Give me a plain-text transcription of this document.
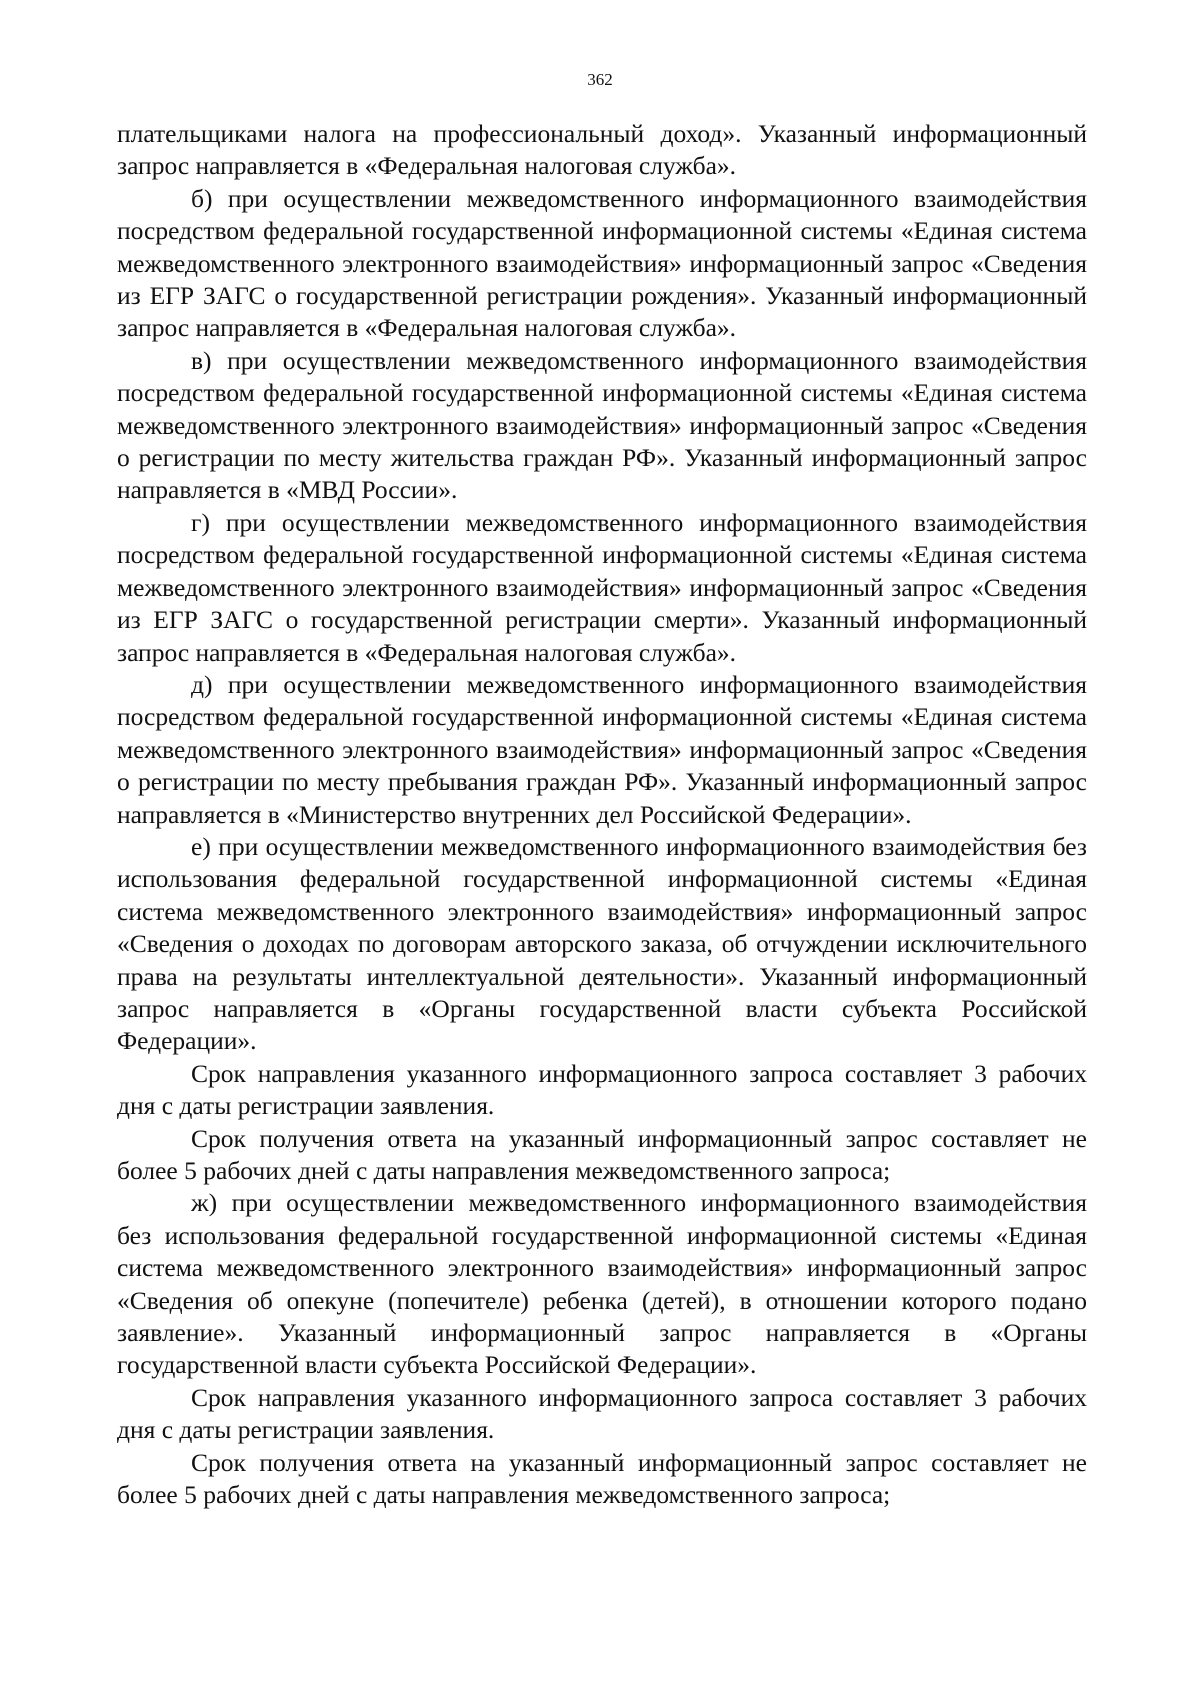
362

плательщиками налога на профессиональный доход». Указанный информационный запрос направляется в «Федеральная налоговая служба».

б) при осуществлении межведомственного информационного взаимодействия посредством федеральной государственной информационной системы «Единая система межведомственного электронного взаимодействия» информационный запрос «Сведения из ЕГР ЗАГС о государственной регистрации рождения». Указанный информационный запрос направляется в «Федеральная налоговая служба».

в) при осуществлении межведомственного информационного взаимодействия посредством федеральной государственной информационной системы «Единая система межведомственного электронного взаимодействия» информационный запрос «Сведения о регистрации по месту жительства граждан РФ». Указанный информационный запрос направляется в «МВД России».

г) при осуществлении межведомственного информационного взаимодействия посредством федеральной государственной информационной системы «Единая система межведомственного электронного взаимодействия» информационный запрос «Сведения из ЕГР ЗАГС о государственной регистрации смерти». Указанный информационный запрос направляется в «Федеральная налоговая служба».

д) при осуществлении межведомственного информационного взаимодействия посредством федеральной государственной информационной системы «Единая система межведомственного электронного взаимодействия» информационный запрос «Сведения о регистрации по месту пребывания граждан РФ». Указанный информационный запрос направляется в «Министерство внутренних дел Российской Федерации».

е) при осуществлении межведомственного информационного взаимодействия без использования федеральной государственной информационной системы «Единая система межведомственного электронного взаимодействия» информационный запрос «Сведения о доходах по договорам авторского заказа, об отчуждении исключительного права на результаты интеллектуальной деятельности». Указанный информационный запрос направляется в «Органы государственной власти субъекта Российской Федерации».

Срок направления указанного информационного запроса составляет 3 рабочих дня с даты регистрации заявления.

Срок получения ответа на указанный информационный запрос составляет не более 5 рабочих дней с даты направления межведомственного запроса;

ж) при осуществлении межведомственного информационного взаимодействия без использования федеральной государственной информационной системы «Единая система межведомственного электронного взаимодействия» информационный запрос «Сведения об опекуне (попечителе) ребенка (детей), в отношении которого подано заявление». Указанный информационный запрос направляется в «Органы государственной власти субъекта Российской Федерации».

Срок направления указанного информационного запроса составляет 3 рабочих дня с даты регистрации заявления.

Срок получения ответа на указанный информационный запрос составляет не более 5 рабочих дней с даты направления межведомственного запроса;
